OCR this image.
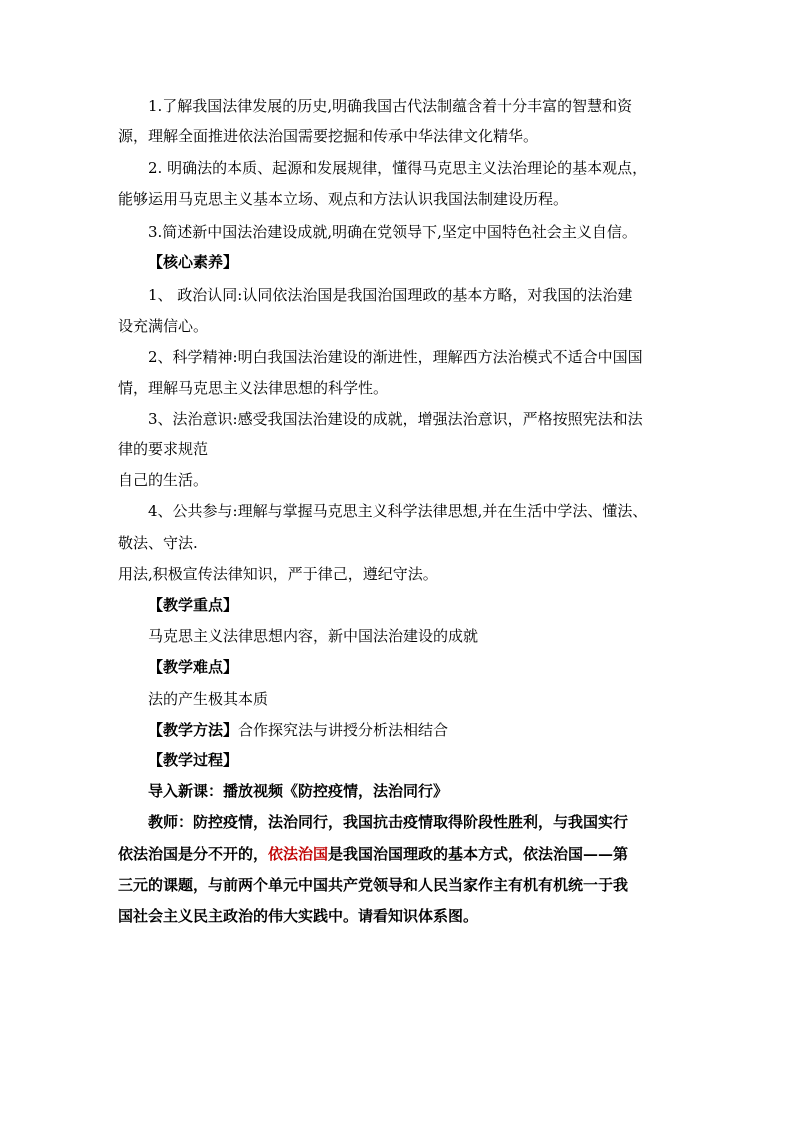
1.了解我国法律发展的历史,明确我国古代法制蕴含着十分丰富的智慧和资
源，理解全面推进依法治国需要挖掘和传承中华法律文化精华。
2. 明确法的本质、起源和发展规律，懂得马克思主义法治理论的基本观点，
能够运用马克思主义基本立场、观点和方法认识我国法制建设历程。
3.简述新中国法治建设成就,明确在党领导下,坚定中国特色社会主义自信。
【核心素养】
1、 政治认同:认同依法治国是我国治国理政的基本方略，对我国的法治建
设充满信心。
2、科学精神:明白我国法治建设的渐进性，理解西方法治模式不适合中国国
情，理解马克思主义法律思想的科学性。
3、法治意识:感受我国法治建设的成就，增强法治意识，严格按照宪法和法
律的要求规范
自己的生活。
4、公共参与:理解与掌握马克思主义科学法律思想,并在生活中学法、懂法、
敬法、守法.
用法,积极宣传法律知识，严于律己，遵纪守法。
【教学重点】
马克思主义法律思想内容，新中国法治建设的成就
【教学难点】
法的产生极其本质
【教学方法】合作探究法与讲授分析法相结合
【教学过程】
导入新课：播放视频《防控疫情，法治同行》
教师：防控疫情，法治同行，我国抗击疫情取得阶段性胜利，与我国实行
依法治国是分不开的，依法治国是我国治国理政的基本方式，依法治国——第
三元的课题，与前两个单元中国共产党领导和人民当家作主有机有机统一于我
国社会主义民主政治的伟大实践中。请看知识体系图。
